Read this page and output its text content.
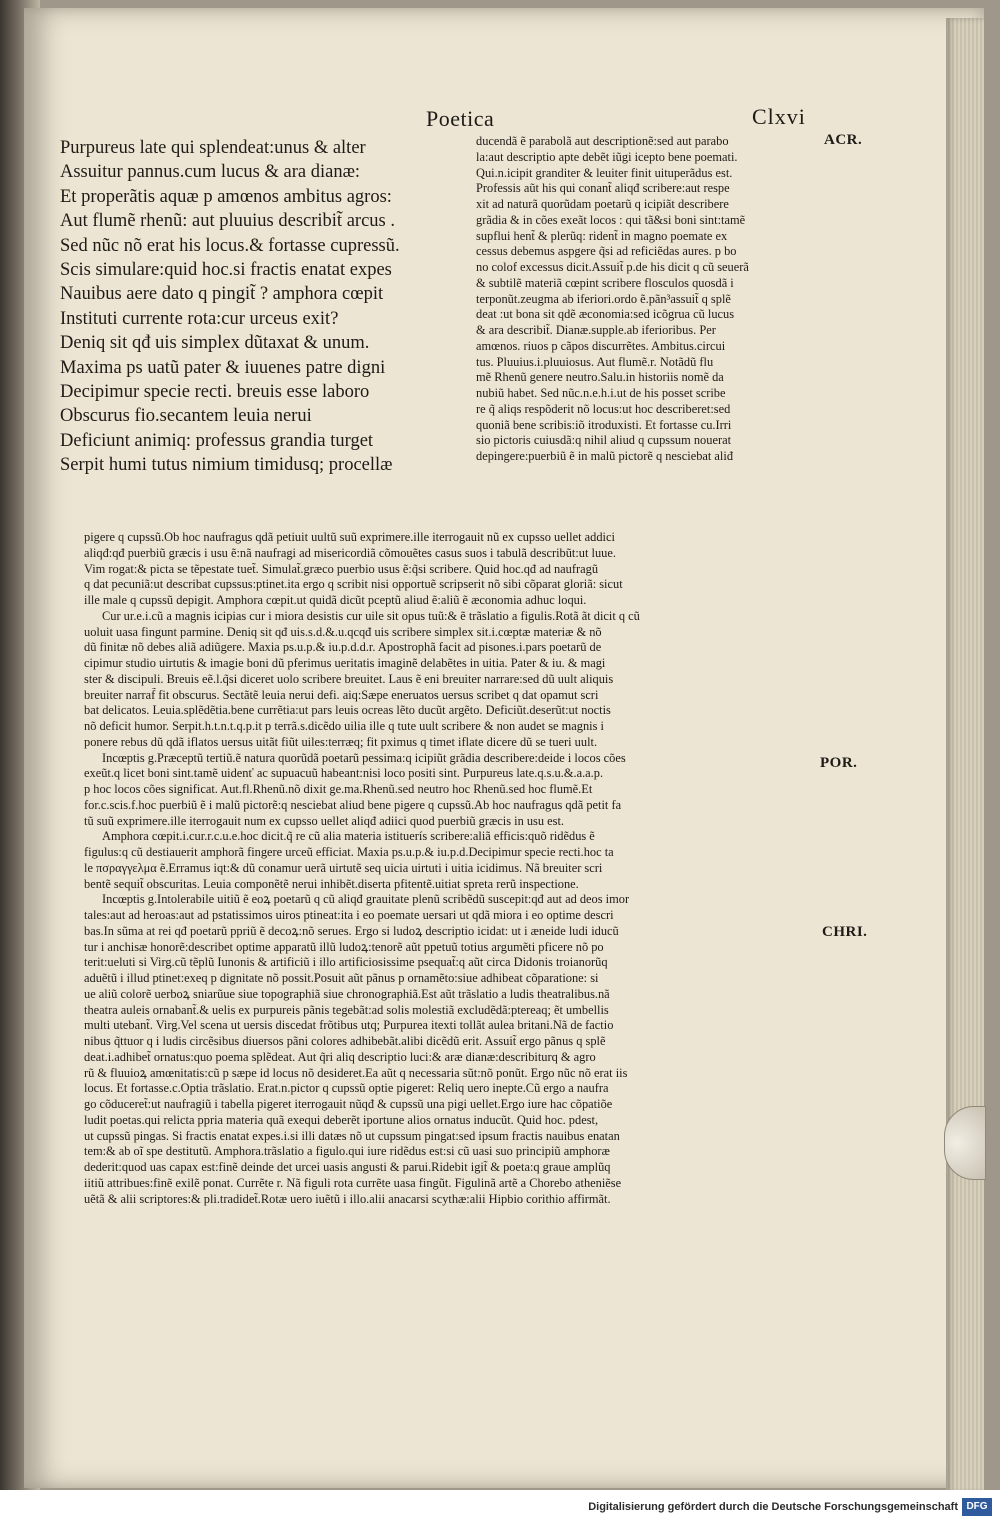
Poetica	Clxvi
Purpureus late qui splendeat:unus & alter
Assuitur pannus.cum lucus & ara dianæ:
Et properãtis aquæ p amœnos ambitus agros:
Aut flumẽ rhenũ: aut pluuius describit̃ arcus .
Sed nũc nõ erat his locus.& fortasse cupressũ.
Scis simulare:quid hoc.si fractis enatat expes
Nauibus aere dato q pingit̃ ? amphora cœpit
Instituti currente rota:cur urceus exit?
Deniq sit qđ uis simplex dũtaxat & unum.
Maxima ps uatũ pater & iuuenes patre digni
Decipimur specie recti. breuis esse laboro
Obscurus fio.secantem leuia nerui
Deficiunt animiq: professus grandia turget
Serpit humi tutus nimium timidusq; procellæ
ducendã ẽ parabolã aut descriptionẽ:sed aut parabo
la:aut descriptio apte debẽt iũgi icepto bene poemati.
Qui.n.icipit granditer & leuiter finit uituperãdus est.
Professis aũt his qui conant̃ aliqđ scribere:aut respe
xit ad naturã quorũdam poetarũ q icipiãt describere
grãdia & in cões exeãt locos : qui tã&si boni sint:tamẽ
supflui hent̃ & plerũq: rident̃ in magno poemate ex
cessus debemus aspgere q̃si ad reficiẽdas aures. p bo
no colof excessus dicit.Assuit̃ p.de his dicit q cũ seuerã
& subtilẽ materiã cœpint scribere flosculos quosdã i
terponũt.zeugma ab iferiori.ordo ẽ.pãn³assuit̃ q splẽ
deat :ut bona sit qdẽ æconomia:sed icõgrua cũ lucus
& ara describit̃. Dianæ.supple.ab iferioribus. Per
amœnos. riuos p cãpos discurrẽtes. Ambitus.circui
tus. Pluuius.i.pluuiosus. Aut flumẽ.r. Notãdũ flu
mẽ Rhenũ genere neutro.Salu.in historiis nomẽ da
nubiũ habet. Sed nũc.n.e.h.i.ut de his posset scribe
re q̃ aliqs respõderit nõ locus:ut hoc describeret:sed
quoniã bene scribis:iõ itroduxisti. Et fortasse cu.Irri
sio pictoris cuiusdã:q nihil aliud q cupssum nouerat
depingere:puerbiũ ẽ in malũ pictorẽ q nesciebat aliđ
pigere q cupssũ.Ob hoc naufragus qdã petiuit uultũ suũ exprimere.ille iterrogauit nũ ex cupsso uellet addici
aliqđ:qđ puerbiũ græcis i usu ẽ:nã naufragi ad misericordiã cõmouẽtes casus suos i tabulã describũt:ut luue.
Vim rogat:& picta se tẽpestate tuet̃. Simulat̃.græco puerbio usus ẽ:q̃si scribere. Quid hoc.qđ ad naufragũ
q dat pecuniã:ut describat cupssus:ptinet.ita ergo q scribit nisi opportuẽ scripserit nõ sibi cõparat gloriã: sicut
ille male q cupssũ depigit. Amphora cœpit.ut quidã dicũt pceptũ aliud ẽ:aliũ ẽ æconomia adhuc loqui.
Cur ur.e.i.cũ a magnis icipias cur i miora desistis cur uile sit opus tuũ:& ẽ trãslatio a figulis.Rotã ãt dicit q cũ
uoluit uasa fingunt parmine. Deniq sit qđ uis.s.d.&.u.qcqđ uis scribere simplex sit.i.cœptæ materiæ & nõ
dũ finitæ nõ debes aliã adiũgere. Maxia ps.u.p.& iu.p.d.d.r. Apostrophã facit ad pisones.i.pars poetarũ de
cipimur studio uirtutis & imagie boni dũ pferimus ueritatis imaginẽ delabẽtes in uitia. Pater & iu. & magi
ster & discipuli. Breuis eẽ.l.q̃si diceret uolo scribere breuitet. Laus ẽ eni breuiter narrare:sed dũ uult aliquis
breuiter narraf̃ fit obscurus. Sectãtẽ leuia nerui defi. aiq:Sæpe eneruatos uersus scribet q dat opamut scri
bat delicatos. Leuia.splẽdẽtia.bene currẽtia:ut pars leuis ocreas lẽto ducũt argẽto. Deficiũt.deserũt:ut noctis
nõ deficit humor. Serpit.h.t.n.t.q.p.it p terrã.s.dicẽdo uilia ille q tute uult scribere & non audet se magnis i
ponere rebus dũ qdã iflatos uersus uitãt fiũt uiles:terræq; fit pximus q timet iflate dicere dũ se tueri uult.
Incœptis g.Præceptũ tertiũ.ẽ natura quorũdã poetarũ pessima:q icipiũt grãdia describere:deide i locos cões
exeũt.q licet boni sint.tamẽ uidenť ac supuacuũ habeant:nisi loco positi sint. Purpureus late.q.s.u.&.a.a.p.
p hoc locos cões significat. Aut.fl.Rhenũ.nõ dixit ge.ma.Rhenũ.sed neutro hoc Rhenũ.sed hoc flumẽ.Et
for.c.scis.f.hoc puerbiũ ẽ i malũ pictorẽ:q nesciebat aliud bene pigere q cupssũ.Ab hoc naufragus qdã petit fa
tũ suũ exprimere.ille iterrogauit num ex cupsso uellet aliqđ adiici quod puerbiũ græcis in usu est.
Amphora cœpit.i.cur.r.c.u.e.hoc dicit.q̃ re cũ alia materia istituerís scribere:aliã efficis:quõ ridẽdus ẽ
figulus:q cũ destiauerit amphorã fingere urceũ efficiat. Maxia ps.u.p.& iu.p.d.Decipimur specie recti.hoc ta
le πσραγγελμα ẽ.Erramus iqt:& dũ conamur uerã uirtutẽ seq uicia uirtuti i uitia icidimus. Nã breuiter scri
bentẽ sequit̃ obscuritas. Leuia componẽtẽ nerui inhibẽt.diserta pfitentẽ.uitiat spreta rerũ inspectione.
Incœptis g.Intolerabile uitiũ ẽ eoꝝ poetarũ q cũ aliqđ grauitate plenũ scribẽdũ suscepit:qđ aut ad deos imor
tales:aut ad heroas:aut ad pstatissimos uiros ptineat:ita i eo poemate uersari ut qdã miora i eo optime descri
bas.In sũma at rei qđ poetarũ ppriũ ẽ decoꝝ:nõ serues. Ergo si ludoꝝ descriptio icidat: ut i æneide ludi iducũ
tur i anchisæ honorẽ:describet optime apparatũ illũ ludoꝝ:tenorẽ aũt ppetuũ totius argumẽti pficere nõ po
terit:ueluti si Virg.cũ tẽplũ Iunonis & artificiũ i illo artificiosissime psequat̃:q aũt circa Didonis troianorũq
aduẽtũ i illud ptinet:exeq p dignitate nõ possit.Posuit aũt pãnus p ornamẽto:siue adhibeat cõparatione: si
ue aliũ colorẽ uerboꝝ sniarũue siue topographiã siue chronographiã.Est aũt trãslatio a ludis theatralibus.nã
theatra auleis ornabant̃.& uelis ex purpureis pãnis tegebãt:ad solis molestiã excludẽdã:ptereaq; ẽt umbellis
multi utebant̃. Virg.Vel scena ut uersis discedat frõtibus utq; Purpurea itexti tollãt aulea britani.Nã de factio
nibus q̃ttuor q i ludis circẽsibus diuersos pãni colores adhibebãt.alibi dicẽdũ erit. Assuit̃ ergo pãnus q splẽ
deat.i.adhibet̃ ornatus:quo poema splẽdeat. Aut q̃ri aliq descriptio luci:& aræ dianæ:describiturq & agro
rũ & fluuioꝝ amœnitatis:cũ p sæpe id locus nõ desideret.Ea aũt q necessaria sũt:nõ ponũt. Ergo nũc nõ erat iis
locus. Et fortasse.c.Optia trãslatio. Erat.n.pictor q cupssũ optie pigeret: Reliq uero inepte.Cũ ergo a naufra
go cõduceret̃:ut naufragiũ i tabella pigeret iterrogauit nũqđ & cupssũ una pigi uellet.Ergo iure hac cõpatiõe
ludit poetas.qui relicta ppria materia quã exequi deberẽt iportune alios ornatus inducũt. Quid hoc. pdest,
ut cupssũ pingas. Si fractis enatat expes.i.si illi datæs nõ ut cupssum pingat:sed ipsum fractis nauibus enatan
tem:& ab oĩ spe destitutũ. Amphora.trãslatio a figulo.qui iure ridẽdus est:si cũ uasi suo principiũ amphoræ
dederit:quod uas capax est:finẽ deinde det urcei uasis angusti & parui.Ridebit igit̃ & poeta:q graue amplũq
iitiũ attribues:finẽ exilẽ ponat. Currẽte r. Nã figuli rota currẽte uasa fingũt. Figulinã artẽ a Chorebo atheniẽse
uẽtã & alii scriptores:& pli.tradidet̃.Rotæ uero iuẽtũ i illo.alii anacarsi scythæ:alii Hipbio corithio affirmãt.
ACR.
POR.
CHRI.
Digitalisierung gefördert durch die Deutsche Forschungsgemeinschaft DFG
